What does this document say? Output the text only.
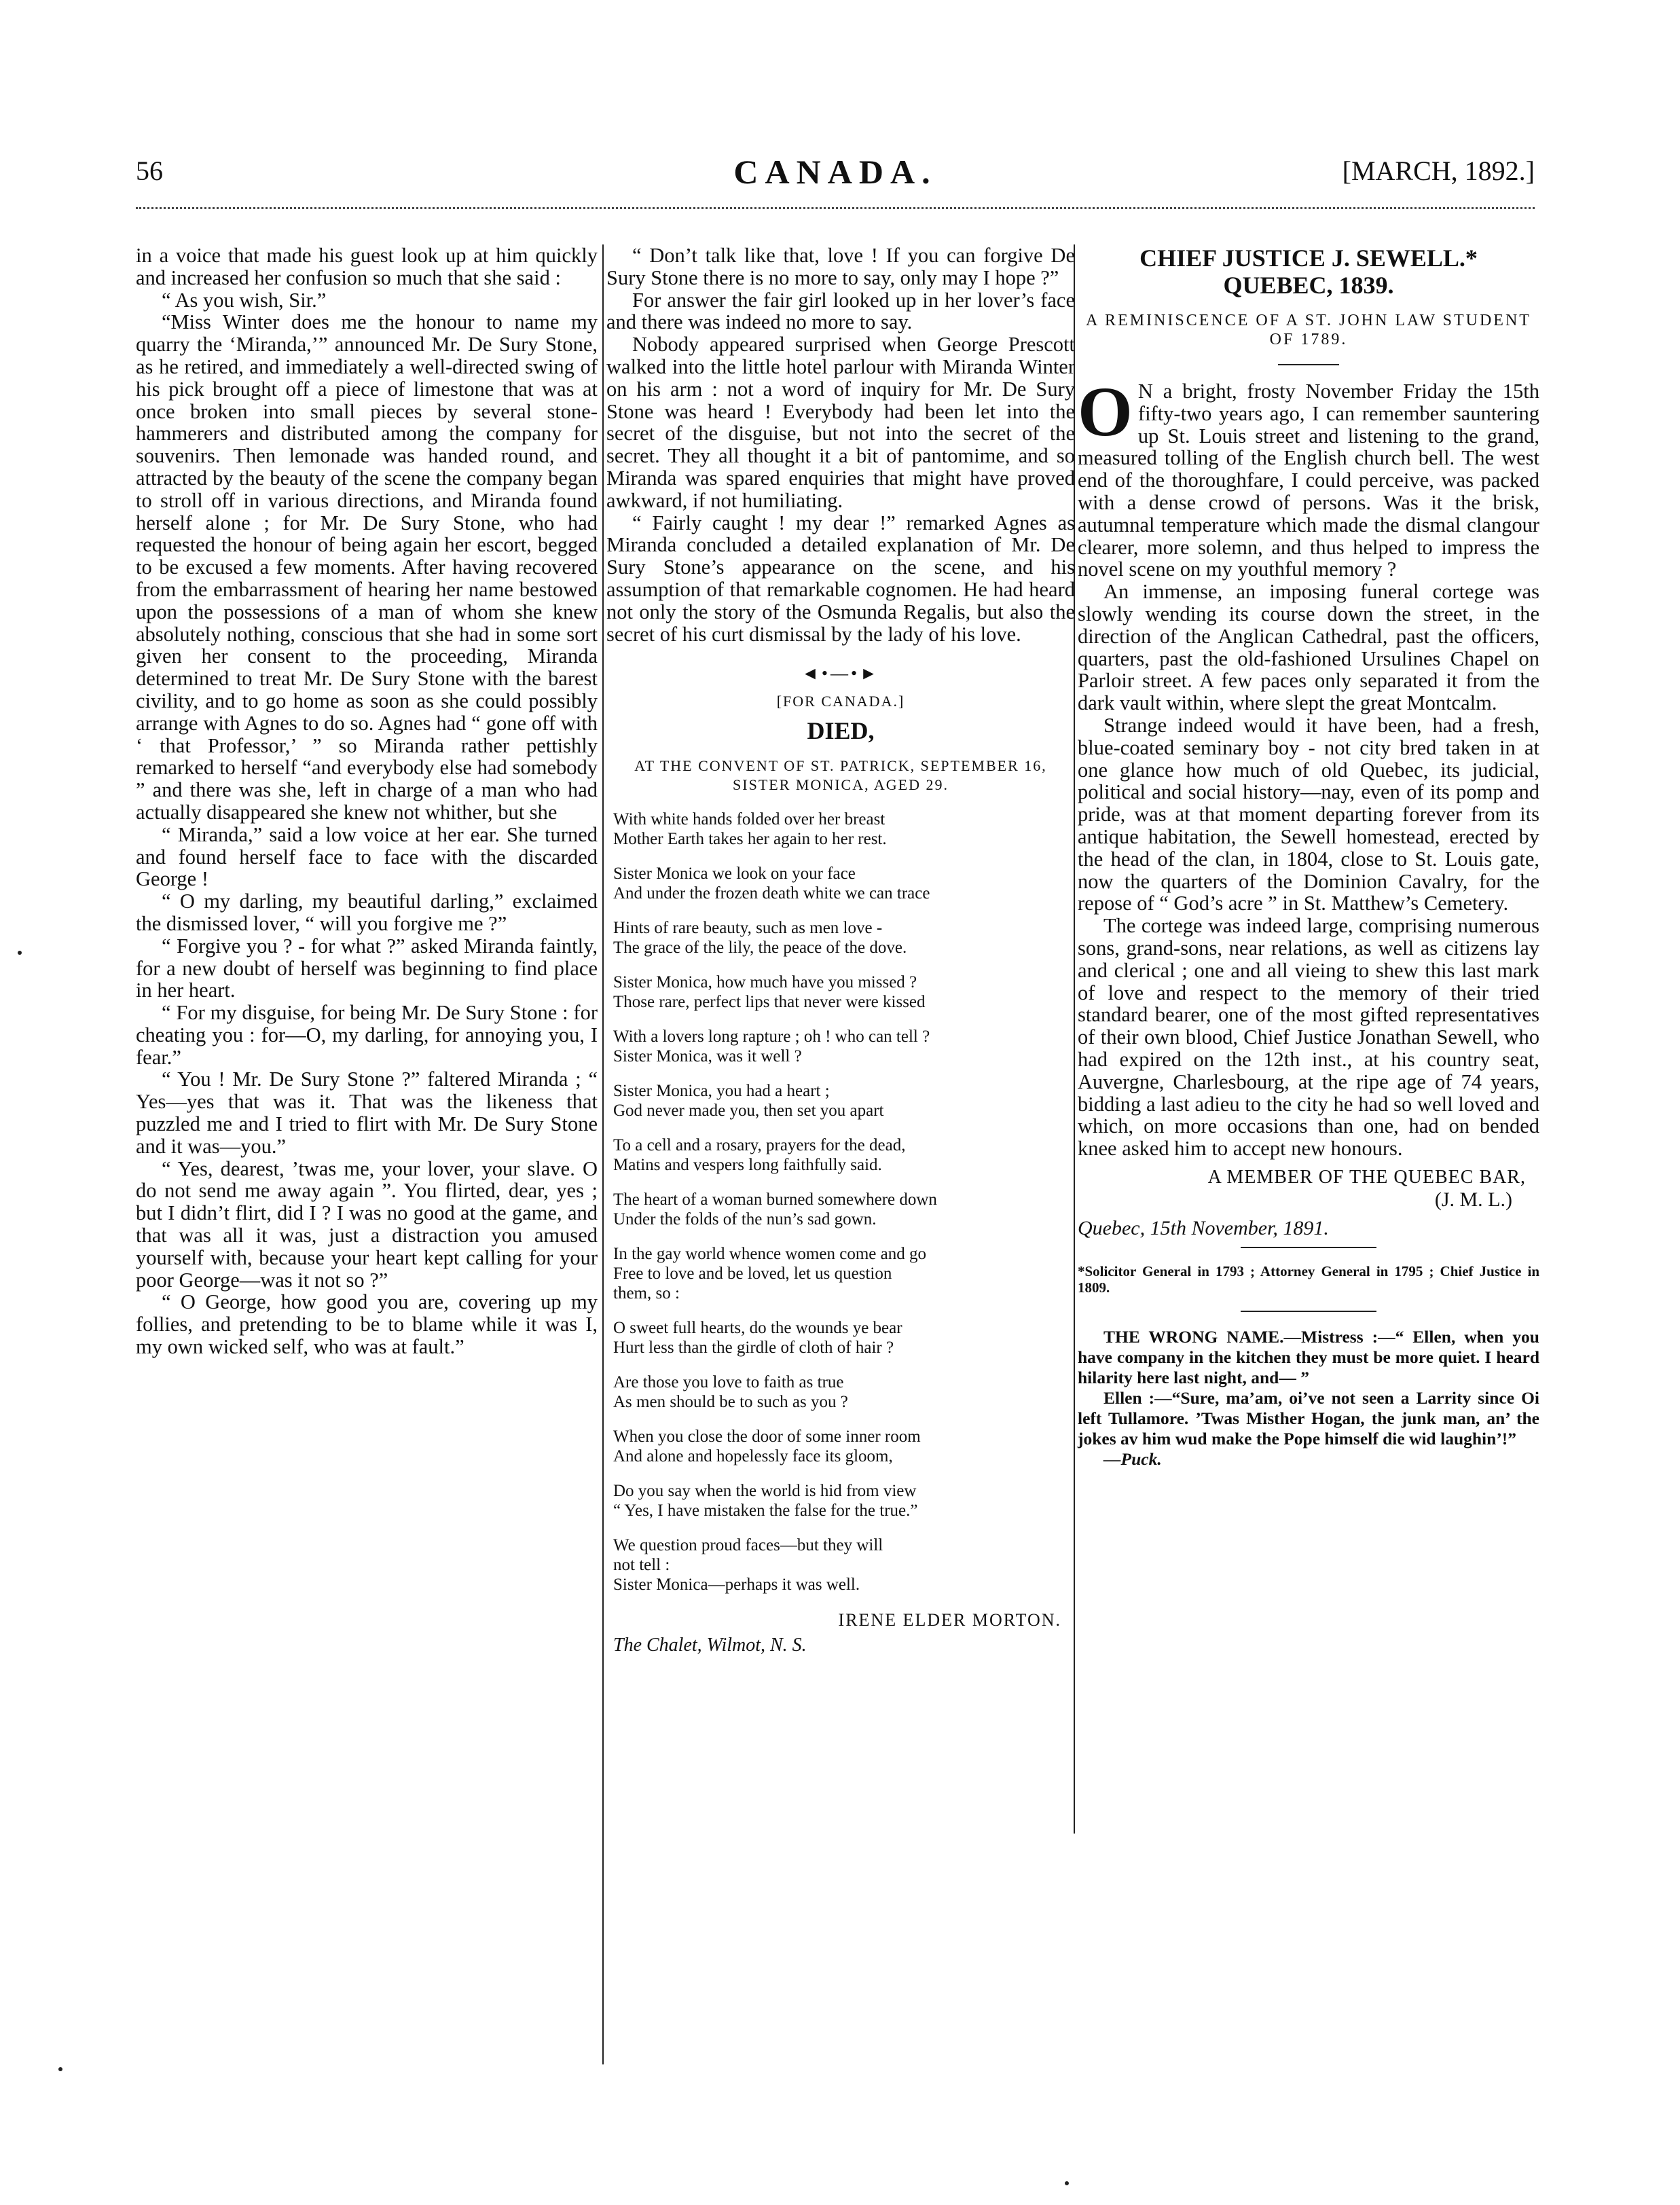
56	CANADA.	[MARCH, 1892.]

in a voice that made his guest look up at him quickly and increased her confusion so much that she said :

“ As you wish, Sir.”

“Miss Winter does me the honour to name my quarry the ‘Miranda,’” announced Mr. De Sury Stone, as he retired, and immediately a well-directed swing of his pick brought off a piece of limestone that was at once broken into small pieces by several stone-hammerers and distributed among the company for souvenirs. Then lemonade was handed round, and attracted by the beauty of the scene the company began to stroll off in various directions, and Miranda found herself alone ; for Mr. De Sury Stone, who had requested the honour of being again her escort, begged to be excused a few moments. After having recovered from the embarrassment of hearing her name bestowed upon the possessions of a man of whom she knew absolutely nothing, conscious that she had in some sort given her consent to the proceeding, Miranda determined to treat Mr. De Sury Stone with the barest civility, and to go home as soon as she could possibly arrange with Agnes to do so. Agnes had “ gone off with ‘ that Professor,’ ” so Miranda rather pettishly remarked to herself “and everybody else had somebody ” and there was she, left in charge of a man who had actually disappeared she knew not whither, but she

“ Miranda,” said a low voice at her ear. She turned and found herself face to face with the discarded George !

“ O my darling, my beautiful darling,” exclaimed the dismissed lover, “ will you forgive me ?”

“ Forgive you ? - for what ?” asked Miranda faintly, for a new doubt of herself was beginning to find place in her heart.

“ For my disguise, for being Mr. De Sury Stone : for cheating you : for—O, my darling, for annoying you, I fear.”

“ You ! Mr. De Sury Stone ?” faltered Miranda ; “ Yes—yes that was it. That was the likeness that puzzled me and I tried to flirt with Mr. De Sury Stone and it was—you.”

“ Yes, dearest, ’twas me, your lover, your slave. O do not send me away again ”. You flirted, dear, yes ; but I didn’t flirt, did I ? I was no good at the game, and that was all it was, just a distraction you amused yourself with, because your heart kept calling for your poor George—was it not so ?”

“ O George, how good you are, covering up my follies, and pretending to be to blame while it was I, my own wicked self, who was at fault.”

“ Don’t talk like that, love ! If you can forgive De Sury Stone there is no more to say, only may I hope ?”

For answer the fair girl looked up in her lover’s face and there was indeed no more to say.

Nobody appeared surprised when George Prescott walked into the little hotel parlour with Miranda Winter on his arm : not a word of inquiry for Mr. De Sury Stone was heard ! Everybody had been let into the secret of the disguise, but not into the secret of the secret. They all thought it a bit of pantomime, and so Miranda was spared enquiries that might have proved awkward, if not humiliating.

“ Fairly caught ! my dear !” remarked Agnes as Miranda concluded a detailed explanation of Mr. De Sury Stone’s appearance on the scene, and his assumption of that remarkable cognomen. He had heard not only the story of the Osmunda Regalis, but also the secret of his curt dismissal by the lady of his love.

◄•—•►
[FOR CANADA.]
DIED,
AT THE CONVENT OF ST. PATRICK, SEPTEMBER 16, SISTER MONICA, AGED 29.
With white hands folded over her breast
Mother Earth takes her again to her rest.
Sister Monica we look on your face
And under the frozen death white we can trace
Hints of rare beauty, such as men love -
The grace of the lily, the peace of the dove.
Sister Monica, how much have you missed ?
Those rare, perfect lips that never were kissed
With a lovers long rapture ; oh ! who can tell ?
Sister Monica, was it well ?
Sister Monica, you had a heart ;
God never made you, then set you apart
To a cell and a rosary, prayers for the dead,
Matins and vespers long faithfully said.
The heart of a woman burned somewhere down
Under the folds of the nun’s sad gown.
In the gay world whence women come and go
Free to love and be loved, let us question
them, so :
O sweet full hearts, do the wounds ye bear
Hurt less than the girdle of cloth of hair ?
Are those you love to faith as true
As men should be to such as you ?
When you close the door of some inner room
And alone and hopelessly face its gloom,
Do you say when the world is hid from view
“ Yes, I have mistaken the false for the true.”
We question proud faces—but they will
not tell :
Sister Monica—perhaps it was well.
IRENE ELDER MORTON.
The Chalet, Wilmot, N. S.
CHIEF JUSTICE J. SEWELL.*
QUEBEC, 1839.
A REMINISCENCE OF A ST. JOHN LAW STUDENT OF 1789.

O N a bright, frosty November Friday the 15th fifty-two years ago, I can remember sauntering up St. Louis street and listening to the grand, measured tolling of the English church bell. The west end of the thoroughfare, I could perceive, was packed with a dense crowd of persons. Was it the brisk, autumnal temperature which made the dismal clangour clearer, more solemn, and thus helped to impress the novel scene on my youthful memory ?

An immense, an imposing funeral cortege was slowly wending its course down the street, in the direction of the Anglican Cathedral, past the officers, quarters, past the old-fashioned Ursulines Chapel on Parloir street. A few paces only separated it from the dark vault within, where slept the great Montcalm.

Strange indeed would it have been, had a fresh, blue-coated seminary boy - not city bred taken in at one glance how much of old Quebec, its judicial, political and social history—nay, even of its pomp and pride, was at that moment departing forever from its antique habitation, the Sewell homestead, erected by the head of the clan, in 1804, close to St. Louis gate, now the quarters of the Dominion Cavalry, for the repose of “ God’s acre ” in St. Matthew’s Cemetery.

The cortege was indeed large, comprising numerous sons, grand-sons, near relations, as well as citizens lay and clerical ; one and all vieing to shew this last mark of love and respect to the memory of their tried standard bearer, one of the most gifted representatives of their own blood, Chief Justice Jonathan Sewell, who had expired on the 12th inst., at his country seat, Auvergne, Charlesbourg, at the ripe age of 74 years, bidding a last adieu to the city he had so well loved and which, on more occasions than one, had on bended knee asked him to accept new honours.

A MEMBER OF THE QUEBEC BAR,
(J. M. L.)
Quebec, 15th November, 1891.
*Solicitor General in 1793 ; Attorney General in 1795 ; Chief Justice in 1809.

THE WRONG NAME.—Mistress :—“ Ellen, when you have company in the kitchen they must be more quiet. I heard hilarity here last night, and— ”

Ellen :—“Sure, ma’am, oi’ve not seen a Larrity since Oi left Tullamore. ’Twas Misther Hogan, the junk man, an’ the jokes av him wud make the Pope himself die wid laughin’!”

—Puck.
